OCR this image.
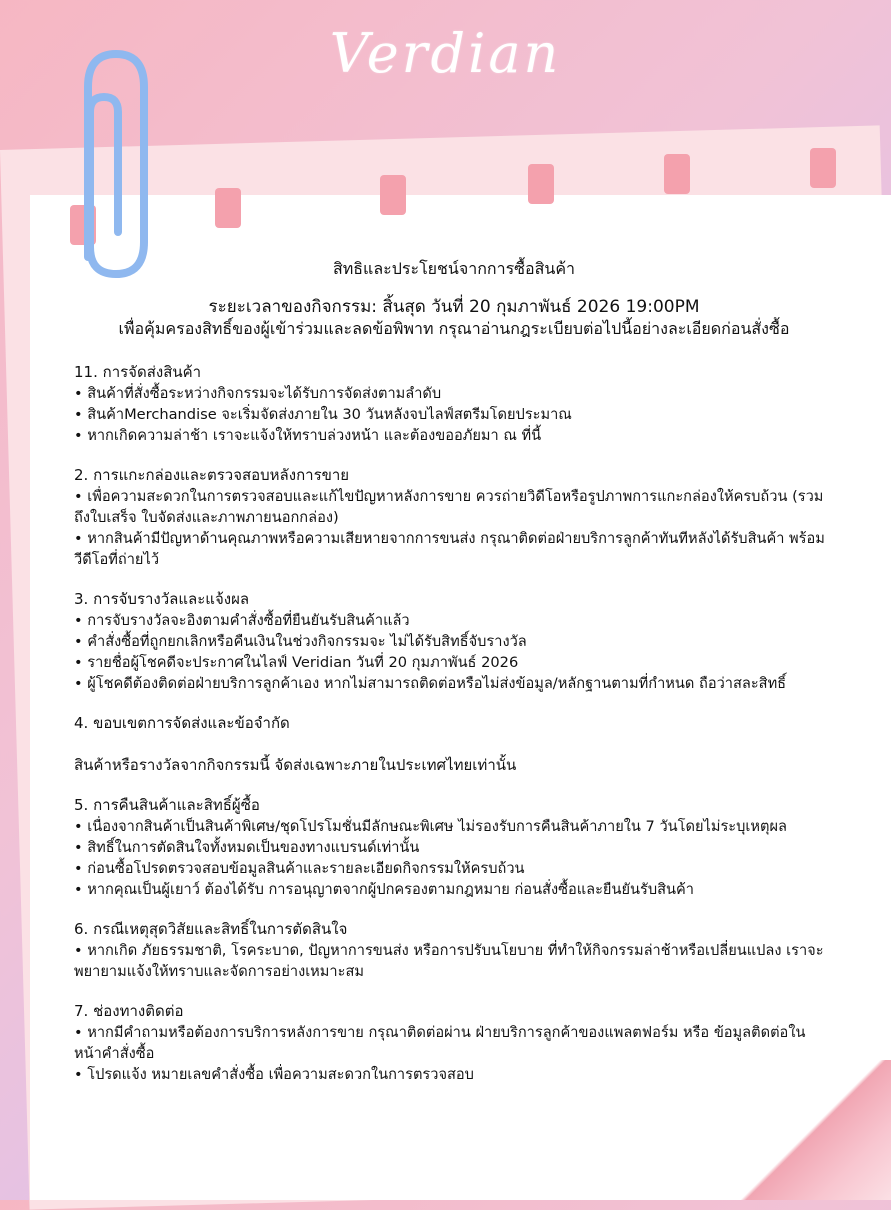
Verdian
สิทธิและประโยชน์จากการซื้อสินค้า
ระยะเวลาของกิจกรรม: สิ้นสุด วันที่ 20 กุมภาพันธ์ 2026 19:00PM
เพื่อคุ้มครองสิทธิ์ของผู้เข้าร่วมและลดข้อพิพาท กรุณาอ่านกฎระเบียบต่อไปนี้อย่างละเอียดก่อนสั่งซื้อ
11. การจัดส่งสินค้า
• สินค้าที่สั่งซื้อระหว่างกิจกรรมจะได้รับการจัดส่งตามลำดับ
• สินค้าMerchandise จะเริ่มจัดส่งภายใน 30 วันหลังจบไลฟ์สตรีมโดยประมาณ
• หากเกิดความล่าช้า เราจะแจ้งให้ทราบล่วงหน้า และต้องขออภัยมา ณ ที่นี้
2. การแกะกล่องและตรวจสอบหลังการขาย
• เพื่อความสะดวกในการตรวจสอบและแก้ไขปัญหาหลังการขาย ควรถ่ายวิดีโอหรือรูปภาพการแกะกล่องให้ครบถ้วน (รวมถึงใบเสร็จ ใบจัดส่งและภาพภายนอกกล่อง)
• หากสินค้ามีปัญหาด้านคุณภาพหรือความเสียหายจากการขนส่ง กรุณาติดต่อฝ่ายบริการลูกค้าทันทีหลังได้รับสินค้า พร้อมวีดีโอที่ถ่ายไว้
3. การจับรางวัลและแจ้งผล
• การจับรางวัลจะอิงตามคำสั่งซื้อที่ยืนยันรับสินค้าแล้ว
• คำสั่งซื้อที่ถูกยกเลิกหรือคืนเงินในช่วงกิจกรรมจะ ไม่ได้รับสิทธิ์จับรางวัล
• รายชื่อผู้โชคดีจะประกาศในไลฟ์ Veridian วันที่ 20 กุมภาพันธ์ 2026
• ผู้โชคดีต้องติดต่อฝ่ายบริการลูกค้าเอง หากไม่สามารถติดต่อหรือไม่ส่งข้อมูล/หลักฐานตามที่กำหนด ถือว่าสละสิทธิ์
4. ขอบเขตการจัดส่งและข้อจำกัด
สินค้าหรือรางวัลจากกิจกรรมนี้ จัดส่งเฉพาะภายในประเทศไทยเท่านั้น
5. การคืนสินค้าและสิทธิ์ผู้ซื้อ
• เนื่องจากสินค้าเป็นสินค้าพิเศษ/ชุดโปรโมชั่นมีลักษณะพิเศษ ไม่รองรับการคืนสินค้าภายใน 7 วันโดยไม่ระบุเหตุผล
• สิทธิ์ในการตัดสินใจทั้งหมดเป็นของทางแบรนด์เท่านั้น
• ก่อนซื้อโปรดตรวจสอบข้อมูลสินค้าและรายละเอียดกิจกรรมให้ครบถ้วน
• หากคุณเป็นผู้เยาว์ ต้องได้รับ การอนุญาตจากผู้ปกครองตามกฎหมาย ก่อนสั่งซื้อและยืนยันรับสินค้า
6. กรณีเหตุสุดวิสัยและสิทธิ์ในการตัดสินใจ
• หากเกิด ภัยธรรมชาติ, โรคระบาด, ปัญหาการขนส่ง หรือการปรับนโยบาย ที่ทำให้กิจกรรมล่าช้าหรือเปลี่ยนแปลง เราจะพยายามแจ้งให้ทราบและจัดการอย่างเหมาะสม
7. ช่องทางติดต่อ
• หากมีคำถามหรือต้องการบริการหลังการขาย กรุณาติดต่อผ่าน ฝ่ายบริการลูกค้าของแพลตฟอร์ม หรือ ข้อมูลติดต่อใน หน้าคำสั่งซื้อ
• โปรดแจ้ง หมายเลขคำสั่งซื้อ เพื่อความสะดวกในการตรวจสอบ
